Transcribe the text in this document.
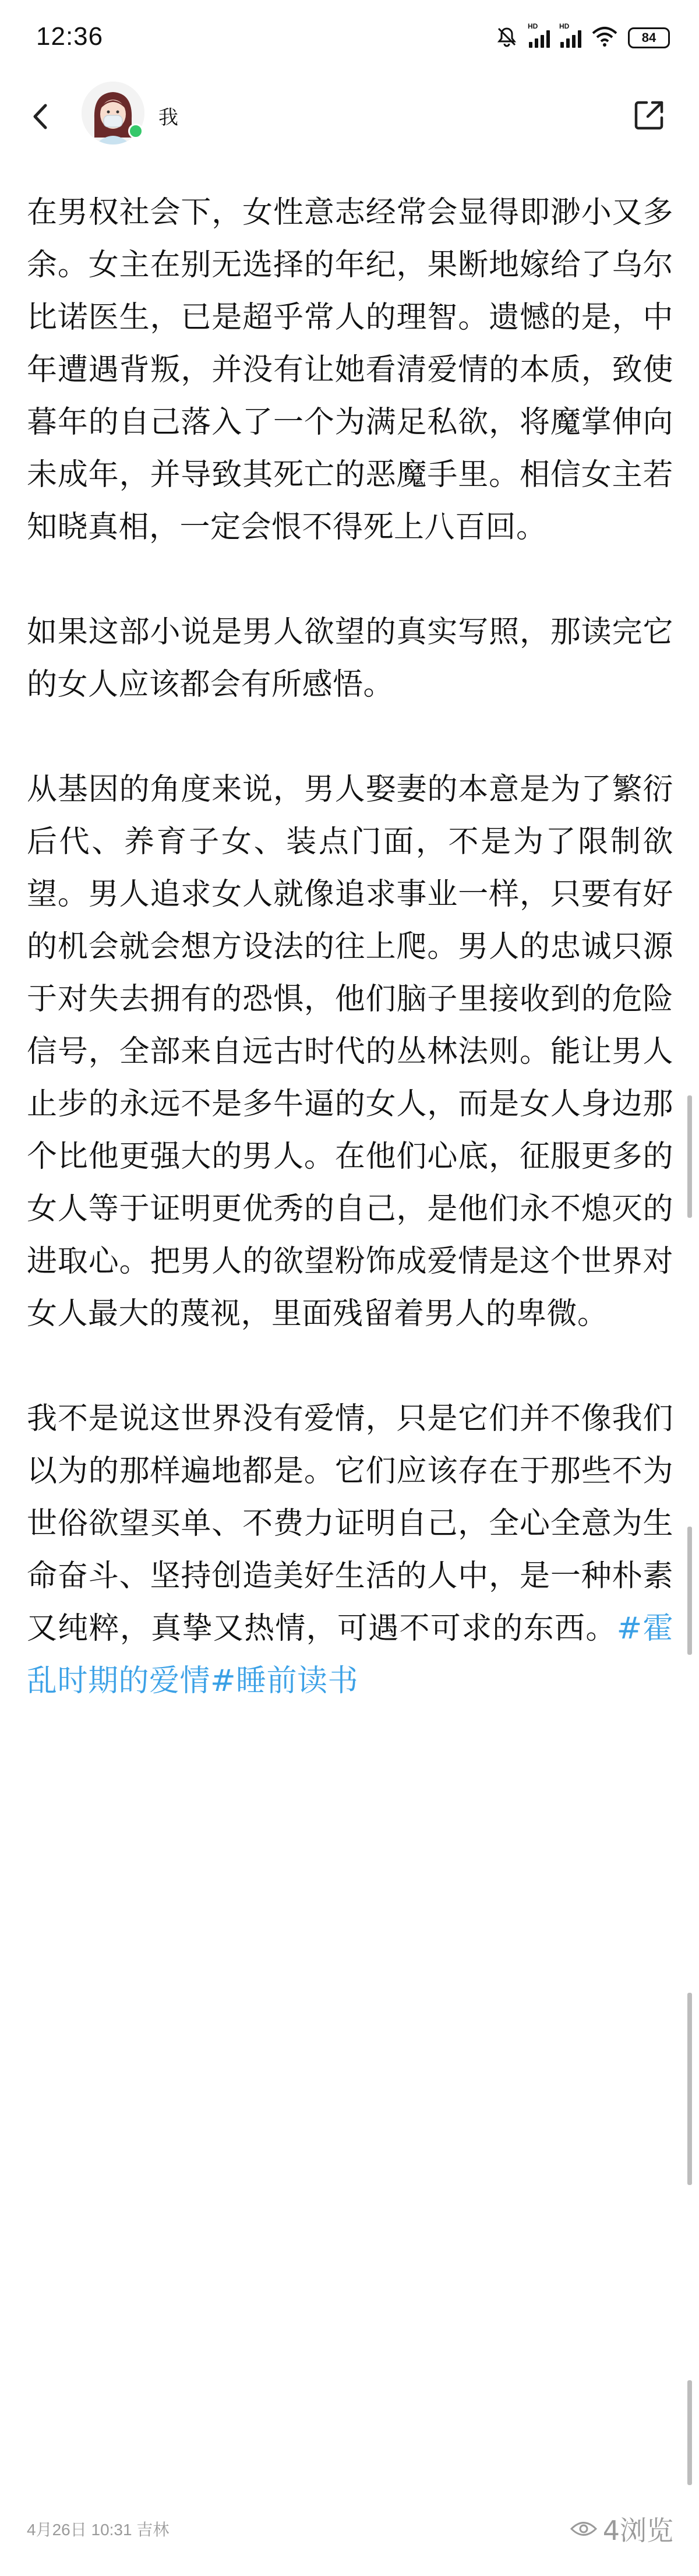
12:36	HD	HD
84
我

在男权社会下，女性意志经常会显得即渺小又多余。女主在别无选择的年纪，果断地嫁给了乌尔比诺医生，已是超乎常人的理智。遗憾的是，中年遭遇背叛，并没有让她看清爱情的本质，致使暮年的自己落入了一个为满足私欲，将魔掌伸向未成年，并导致其死亡的恶魔手里。相信女主若知晓真相，一定会恨不得死上八百回。

如果这部小说是男人欲望的真实写照，那读完它的女人应该都会有所感悟。

从基因的角度来说，男人娶妻的本意是为了繁衍后代、养育子女、装点门面，不是为了限制欲望。男人追求女人就像追求事业一样，只要有好的机会就会想方设法的往上爬。男人的忠诚只源于对失去拥有的恐惧，他们脑子里接收到的危险信号，全部来自远古时代的丛林法则。能让男人止步的永远不是多牛逼的女人，而是女人身边那个比他更强大的男人。在他们心底，征服更多的女人等于证明更优秀的自己，是他们永不熄灭的进取心。把男人的欲望粉饰成爱情是这个世界对女人最大的蔑视，里面残留着男人的卑微。

我不是说这世界没有爱情，只是它们并不像我们以为的那样遍地都是。它们应该存在于那些不为世俗欲望买单、不费力证明自己，全心全意为生命奋斗、坚持创造美好生活的人中，是一种朴素又纯粹，真挚又热情，可遇不可求的东西。#霍乱时期的爱情#睡前读书

4月26日 10:31 吉林	4浏览
